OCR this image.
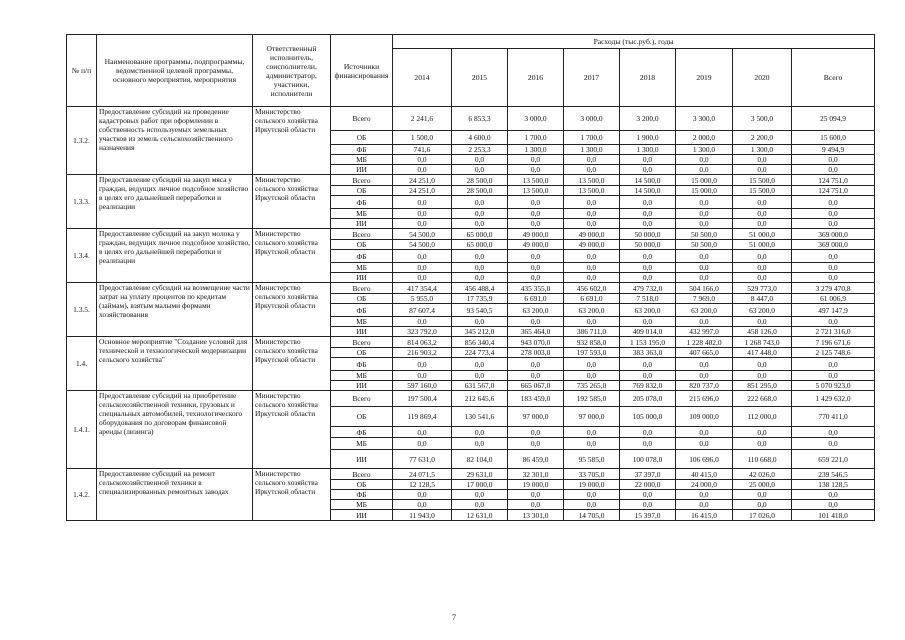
№ п/п	Наименование программы, подпрограммы, ведомственной целевой программы, основного мероприятия, мероприятия	Ответственный исполнитель, соисполнители, администратор, участники, исполнители	Источники финансирования	Расходы (тыс.руб.), годы							
				2014	2015	2016	2017	2018	2019	2020	Всего
1.3.2.	Предоставление субсидий на проведение кадастровых работ при оформлении в собственность используемых земельных участков из земель сельскохозяйственного назначения	Министерство сельского хозяйства Иркутской области	Всего	2 241,6	6 853,3	3 000,0	3 000,0	3 200,0	3 300,0	3 500,0	25 094,9
			ОБ	1 500,0	4 600,0	1 700,0	1 700,0	1 900,0	2 000,0	2 200,0	15 600,0
			ФБ	741,6	2 253,3	1 300,0	1 300,0	1 300,0	1 300,0	1 300,0	9 494,9
			МБ	0,0	0,0	0,0	0,0	0,0	0,0	0,0	0,0
			ИИ	0,0	0,0	0,0	0,0	0,0	0,0	0,0	0,0
1.3.3.	Предоставление субсидий на закуп мяса у граждан, ведущих личное подсобное хозяйство в целях его дальнейшей переработки и реализации	Министерство сельского хозяйства Иркутской области	Всего	24 251,0	28 500,0	13 500,0	13 500,0	14 500,0	15 000,0	15 500,0	124 751,0
			ОБ	24 251,0	28 500,0	13 500,0	13 500,0	14 500,0	15 000,0	15 500,0	124 751,0
			ФБ	0,0	0,0	0,0	0,0	0,0	0,0	0,0	0,0
			МБ	0,0	0,0	0,0	0,0	0,0	0,0	0,0	0,0
			ИИ	0,0	0,0	0,0	0,0	0,0	0,0	0,0	0,0
1.3.4.	Предоставление субсидий на закуп молока у граждан, ведущих личное подсобное хозяйство, в целях его дальнейшей переработки и реализации	Министерство сельского хозяйства Иркутской области	Всего	54 500,0	65 000,0	49 000,0	49 000,0	50 000,0	50 500,0	51 000,0	369 000,0
			ОБ	54 500,0	65 000,0	49 000,0	49 000,0	50 000,0	50 500,0	51 000,0	369 000,0
			ФБ	0,0	0,0	0,0	0,0	0,0	0,0	0,0	0,0
			МБ	0,0	0,0	0,0	0,0	0,0	0,0	0,0	0,0
			ИИ	0,0	0,0	0,0	0,0	0,0	0,0	0,0	0,0
1.3.5.	Предоставление субсидий на возмещение части затрат на уплату процентов по кредитам (займам), взятым малыми формами хозяйствования	Министерство сельского хозяйства Иркутской области	Всего	417 354,4	456 488,4	435 355,0	456 602,0	479 732,0	504 166,0	529 773,0	3 279 470,8
			ОБ	5 955,0	17 735,9	6 691,0	6 691,0	7 518,0	7 969,0	8 447,0	61 006,9
			ФБ	87 607,4	93 540,5	63 200,0	63 200,0	63 200,0	63 200,0	63 200,0	497 147,9
			МБ	0,0	0,0	0,0	0,0	0,0	0,0	0,0	0,0
			ИИ	323 792,0	345 212,0	365 464,0	386 711,0	409 014,0	432 997,0	458 126,0	2 721 316,0
1.4.	Основное мероприятие "Создание условий для технической и технологической модернизации сельского хозяйства"	Министерство сельского хозяйства Иркутской области	Всего	814 063,2	856 340,4	943 070,0	932 858,0	1 153 195,0	1 228 402,0	1 268 743,0	7 196 671,6
			ОБ	216 903,2	224 773,4	278 003,0	197 593,0	383 363,0	407 665,0	417 448,0	2 125 748,6
			ФБ	0,0	0,0	0,0	0,0	0,0	0,0	0,0	0,0
			МБ	0,0	0,0	0,0	0,0	0,0	0,0	0,0	0,0
			ИИ	597 160,0	631 567,0	665 067,0	735 265,0	769 832,0	820 737,0	851 295,0	5 070 923,0
1.4.1.	Предоставление субсидий на приобретение сельскохозяйственной техники, грузовых и специальных автомобилей, технологического оборудования по договорам финансовой аренды (лизинга)	Министерство сельского хозяйства Иркутской области	Всего	197 500,4	212 645,6	183 459,0	192 585,0	205 078,0	215 696,0	222 668,0	1 429 632,0
			ОБ	119 869,4	130 541,6	97 000,0	97 000,0	105 000,0	109 000,0	112 000,0	770 411,0
			ФБ	0,0	0,0	0,0	0,0	0,0	0,0	0,0	0,0
			МБ	0,0	0,0	0,0	0,0	0,0	0,0	0,0	0,0
			ИИ	77 631,0	82 104,0	86 459,0	95 585,0	100 078,0	106 696,0	110 668,0	659 221,0
1.4.2.	Предоставление субсидий на ремонт сельскохозяйственной техники в специализированных ремонтных заводах	Министерство сельского хозяйства Иркутской области	Всего	24 071,5	29 631,0	32 301,0	33 705,0	37 397,0	40 415,0	42 026,0	239 546,5
			ОБ	12 128,5	17 000,0	19 000,0	19 000,0	22 000,0	24 000,0	25 000,0	138 128,5
			ФБ	0,0	0,0	0,0	0,0	0,0	0,0	0,0	0,0
			МБ	0,0	0,0	0,0	0,0	0,0	0,0	0,0	0,0
			ИИ	11 943,0	12 631,0	13 301,0	14 705,0	15 397,0	16 415,0	17 026,0	101 418,0
7
